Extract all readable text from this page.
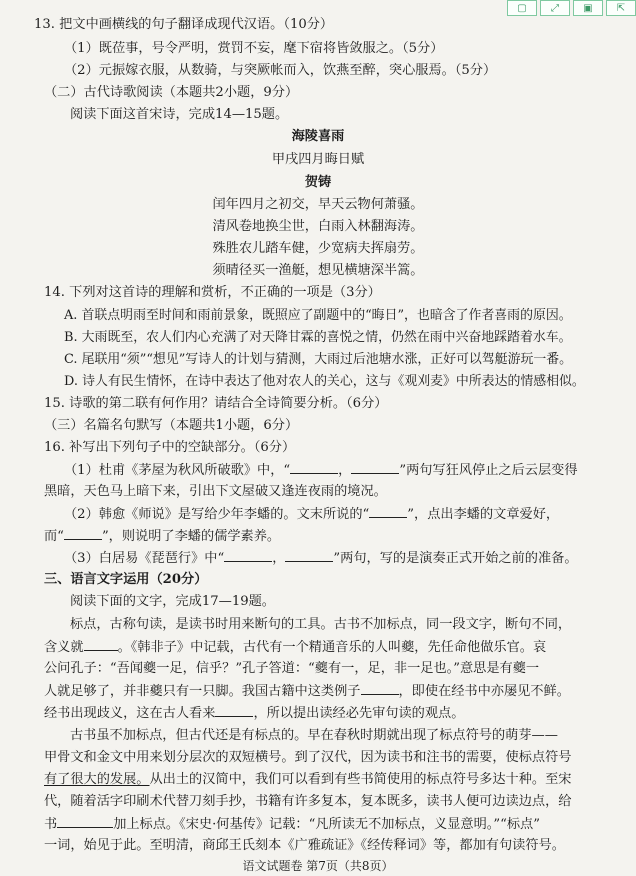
▢	⤢	▣	⇱
13. 把文中画横线的句子翻译成现代汉语。（10分）
（1）既莅事，号令严明，赏罚不妄，麾下宿将皆敛服之。（5分）
（2）元振嫁衣服，从数骑，与突厥帐而入，饮燕至醉，突心服焉。（5分）
（二）古代诗歌阅读（本题共2小题，9分）
阅读下面这首宋诗，完成14—15题。
海陵喜雨
甲戌四月晦日赋
贺铸
闰年四月之初交，早天云物何萧骚。
清风卷地换尘世，白雨入林翻海涛。
殊胜农儿踏车健，少宽病夫挥扇劳。
须晴径买一渔艇，想见横塘深半篙。
14. 下列对这首诗的理解和赏析，不正确的一项是（3分）
A. 首联点明雨至时间和雨前景象，既照应了副题中的“晦日”，也暗含了作者喜雨的原因。
B. 大雨既至，农人们内心充满了对天降甘霖的喜悦之情，仍然在雨中兴奋地踩踏着水车。
C. 尾联用“须”“想见”写诗人的计划与猜测，大雨过后池塘水涨，正好可以驾艇游玩一番。
D. 诗人有民生情怀，在诗中表达了他对农人的关心，这与《观刈麦》中所表达的情感相似。
15. 诗歌的第二联有何作用？请结合全诗简要分析。（6分）
（三）名篇名句默写（本题共1小题，6分）
16. 补写出下列句子中的空缺部分。（6分）
（1）杜甫《茅屋为秋风所破歌》中，“	，	”两句写狂风停止之后云层变得
黑暗，天色马上暗下来，引出下文屋破又逢连夜雨的境况。
（2）韩愈《师说》是写给少年李蟠的。文末所说的“	”，点出李蟠的文章爱好，
而“	”，则说明了李蟠的儒学素养。
（3）白居易《琵琶行》中“	，	”两句，写的是演奏正式开始之前的准备。
三、语言文字运用（20分）
阅读下面的文字，完成17—19题。
标点，古称句读，是读书时用来断句的工具。古书不加标点，同一段文字，断句不同，
含义就	。《韩非子》中记载，古代有一个精通音乐的人叫夔，先任命他做乐官。哀
公问孔子：“吾闻夔一足，信乎？”孔子答道：“夔有一，足，非一足也。”意思是有夔一
人就足够了，并非夔只有一只脚。我国古籍中这类例子	，即使在经书中亦屡见不鲜。
经书出现歧义，这在古人看来	，所以提出读经必先审句读的观点。
古书虽不加标点，但古代还是有标点的。早在春秋时期就出现了标点符号的萌芽——
甲骨文和金文中用来划分层次的双短横号。到了汉代，因为读书和注书的需要，使标点符号
有了很大的发展。从出土的汉简中，我们可以看到有些书简使用的标点符号多达十种。至宋
代，随着活字印刷术代替刀刻手抄，书籍有许多复本，复本既多，读书人便可边读边点，给
书	加上标点。《宋史·何基传》记载：“凡所读无不加标点，义显意明。”“标点”
一词，始见于此。至明清，商邱王氏刻本《广雅疏证》《经传释词》等，都加有句读符号。
语文试题卷 第7页（共8页）
